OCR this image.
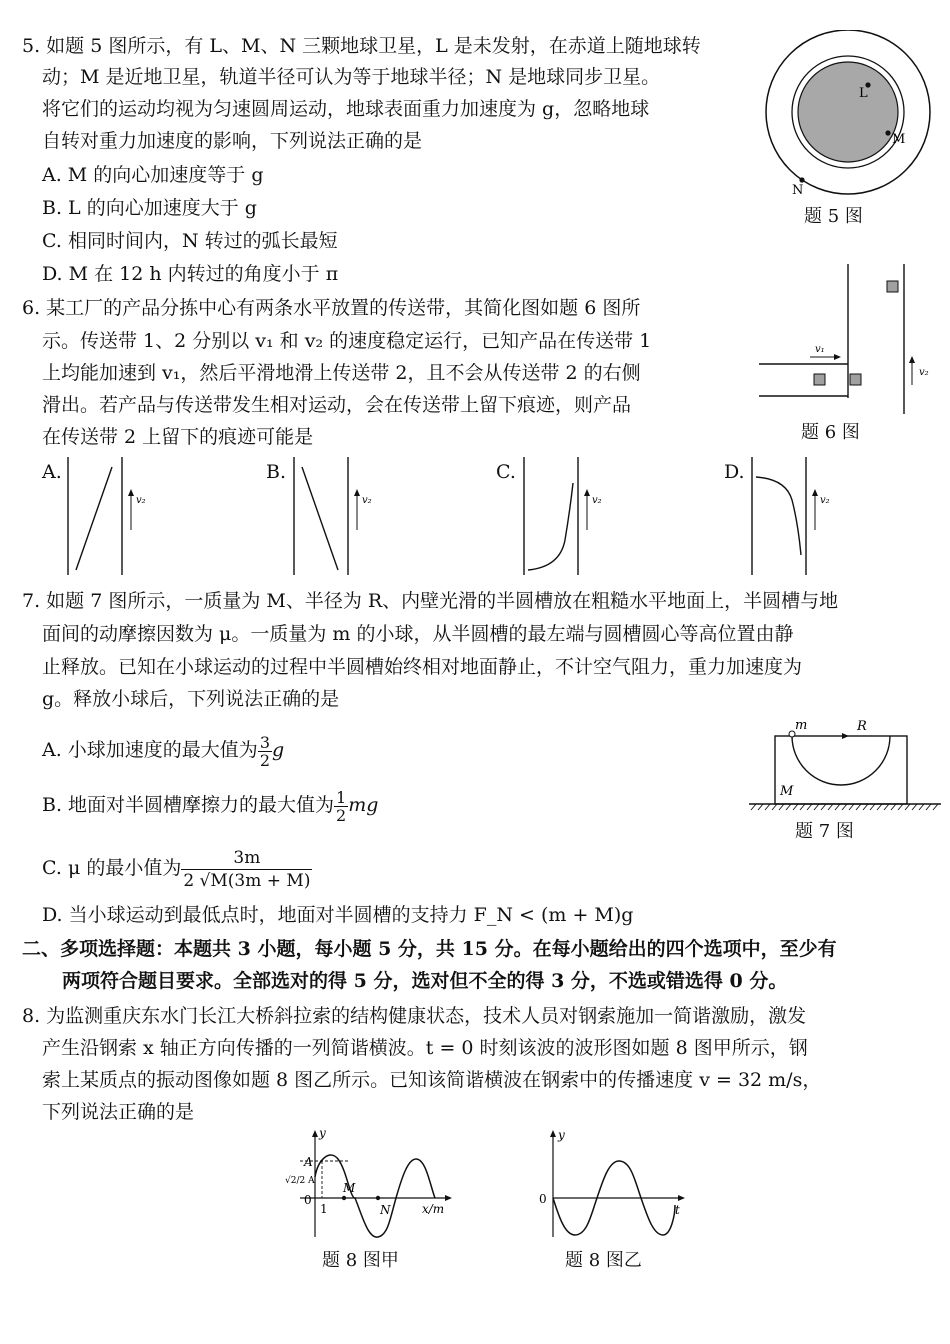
5. 如题 5 图所示，有 L、M、N 三颗地球卫星，L 是未发射，在赤道上随地球转
动；M 是近地卫星，轨道半径可认为等于地球半径；N 是地球同步卫星。
将它们的运动均视为匀速圆周运动，地球表面重力加速度为 g，忽略地球
自转对重力加速度的影响，下列说法正确的是
A. M 的向心加速度等于 g
B. L 的向心加速度大于 g
C. 相同时间内，N 转过的弧长最短
D. M 在 12 h 内转过的角度小于 π
L
M
N
题 5 图
6. 某工厂的产品分拣中心有两条水平放置的传送带，其简化图如题 6 图所
示。传送带 1、2 分别以 v₁ 和 v₂ 的速度稳定运行，已知产品在传送带 1
上均能加速到 v₁，然后平滑地滑上传送带 2，且不会从传送带 2 的右侧
滑出。若产品与传送带发生相对运动，会在传送带上留下痕迹，则产品
在传送带 2 上留下的痕迹可能是
v₁
v₂
题 6 图
A.
v₂
B.
v₂
C.
v₂
D.
v₂
7. 如题 7 图所示，一质量为 M、半径为 R、内壁光滑的半圆槽放在粗糙水平地面上，半圆槽与地
面间的动摩擦因数为 μ。一质量为 m 的小球，从半圆槽的最左端与圆槽圆心等高位置由静
止释放。已知在小球运动的过程中半圆槽始终相对地面静止，不计空气阻力，重力加速度为
g。释放小球后，下列说法正确的是
A. 小球加速度的最大值为 $\frac{3}{2}$ g
B. 地面对半圆槽摩擦力的最大值为 $\frac{1}{2}$ mg
C. μ 的最小值为 $\frac{3m}{2 √M(3m + M)}$
D. 当小球运动到最低点时，地面对半圆槽的支持力 F_N < (m + M)g
m	R
M
题 7 图
二、多项选择题：本题共 3 小题，每小题 5 分，共 15 分。在每小题给出的四个选项中，至少有
两项符合题目要求。全部选对的得 5 分，选对但不全的得 3 分，不选或错选得 0 分。
8. 为监测重庆东水门长江大桥斜拉索的结构健康状态，技术人员对钢索施加一简谐激励，激发
产生沿钢索 x 轴正方向传播的一列简谐横波。t = 0 时刻该波的波形图如题 8 图甲所示，钢
索上某质点的振动图像如题 8 图乙所示。已知该简谐横波在钢索中的传播速度 v = 32 m/s，
下列说法正确的是
y
A
√2/2 A
0
1
M
N	x/m
题 8 图甲
y
0
t
题 8 图乙
